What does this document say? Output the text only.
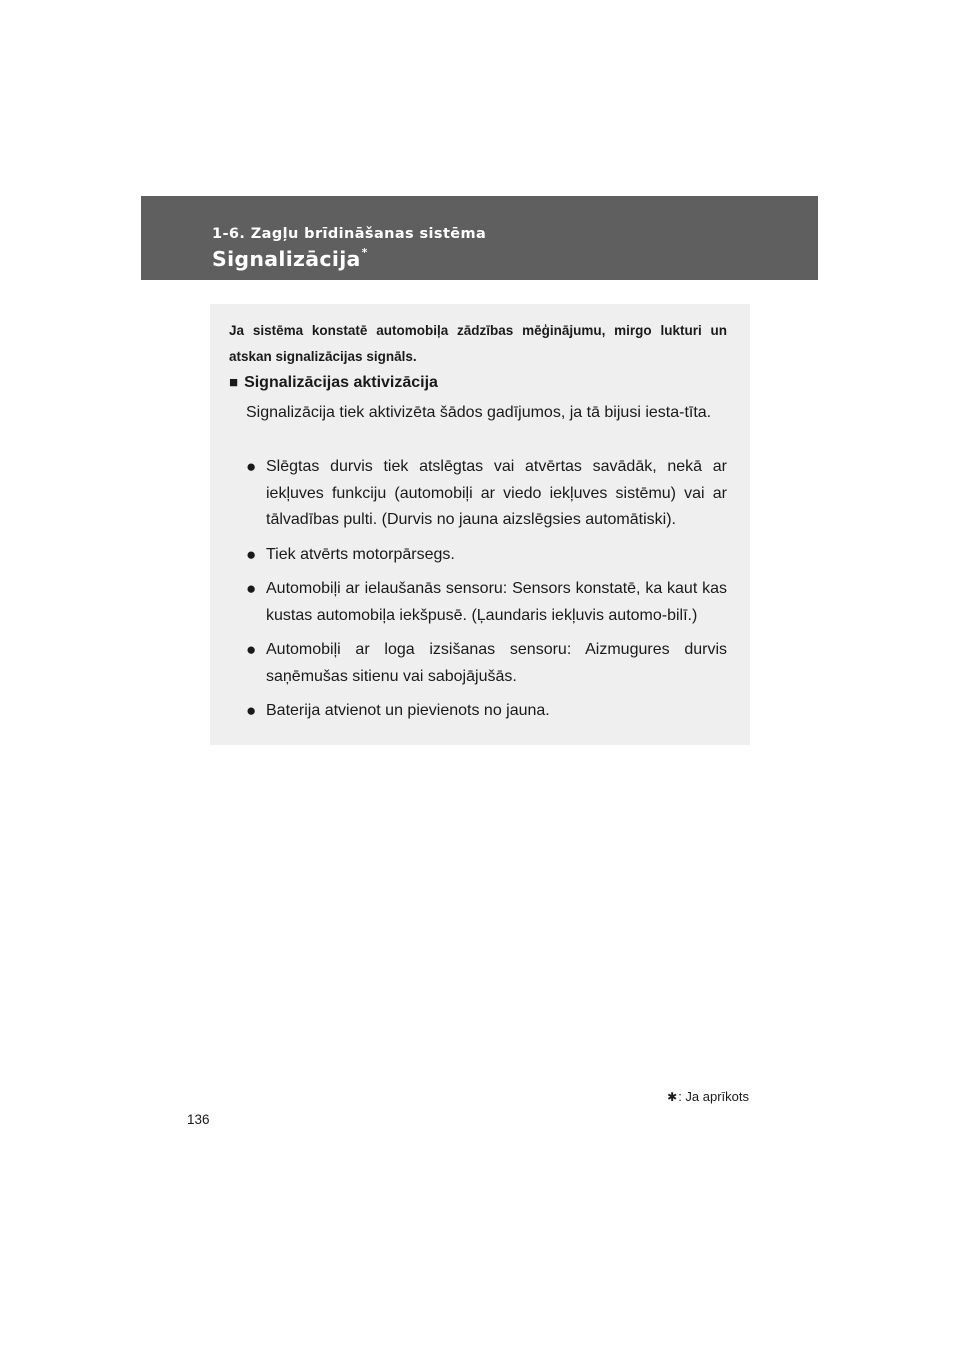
1-6. Zagļu brīdināšanas sistēma
Signalizācija*
Ja sistēma konstatē automobiļa zādzības mēģinājumu, mirgo lukturi un atskan signalizācijas signāls.
■ Signalizācijas aktivizācija
Signalizācija tiek aktivizēta šādos gadījumos, ja tā bijusi iesta-tīta.
● Slēgtas durvis tiek atslēgtas vai atvērtas savādāk, nekā ar iekļuves funkciju (automobiļi ar viedo iekļuves sistēmu) vai ar tālvadības pulti. (Durvis no jauna aizslēgsies automātiski).
● Tiek atvērts motorpārsegs.
● Automobiļi ar ielaušanās sensoru: Sensors konstatē, ka kaut kas kustas automobiļa iekšpusē. (Ļaundaris iekļuvis automo-bilī.)
● Automobiļi ar loga izsišanas sensoru: Aizmugures durvis saņēmušas sitienu vai sabojājušās.
● Baterija atvienot un pievienots no jauna.
✱: Ja aprīkots
136
